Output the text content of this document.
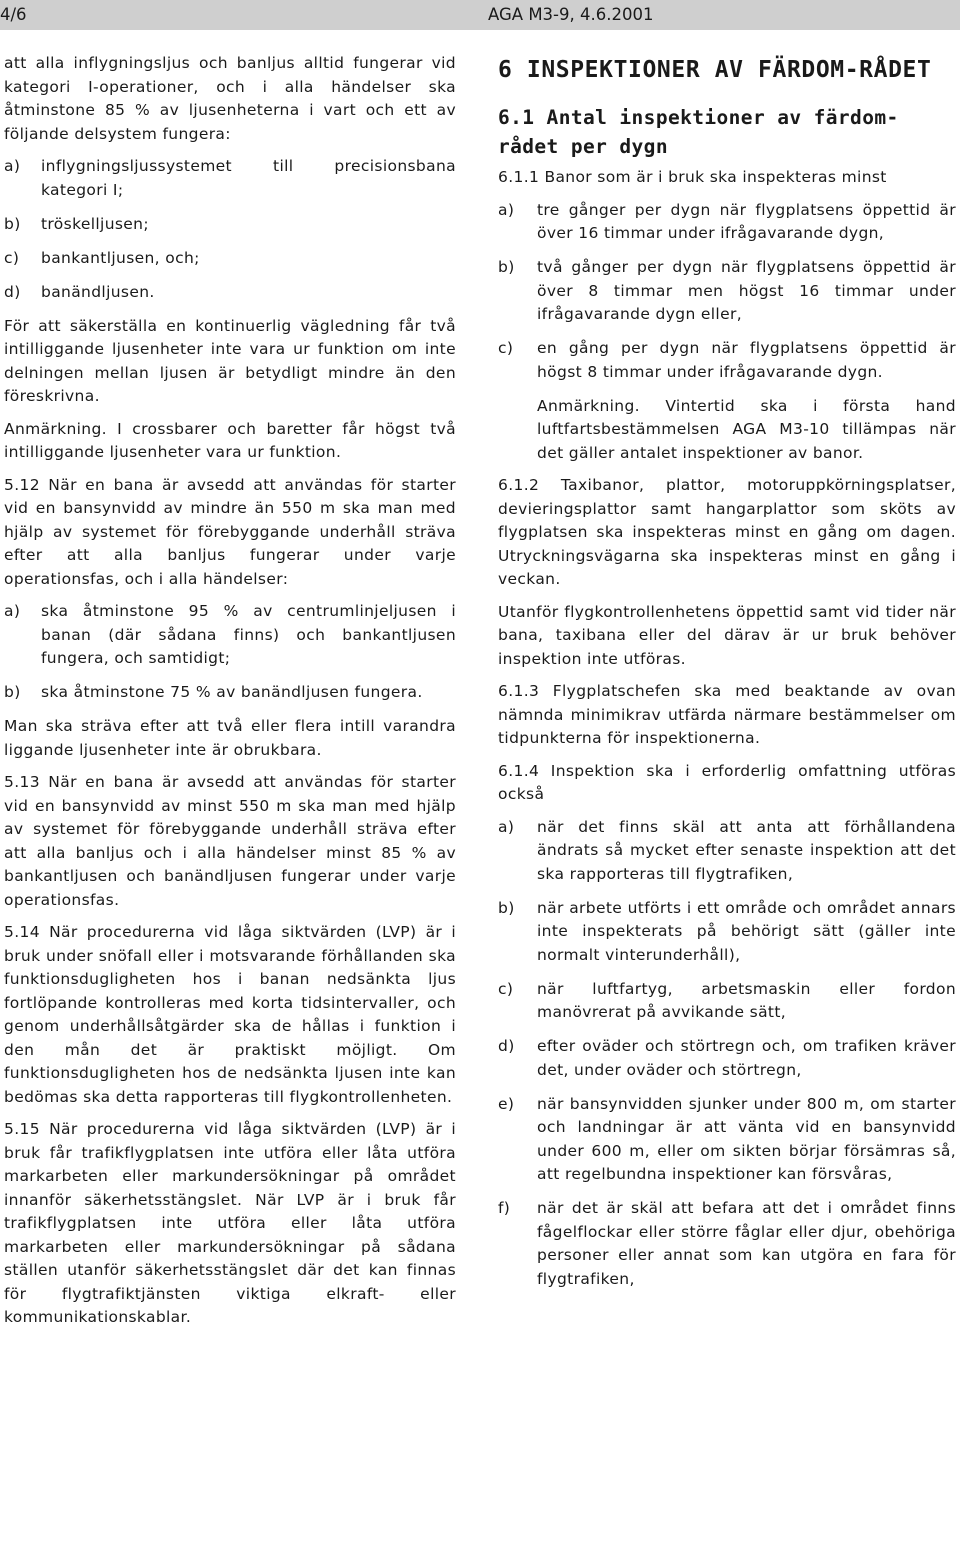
4/6	AGA M3-9, 4.6.2001

att alla inflygningsljus och banljus alltid fungerar vid kategori I-operationer, och i alla händelser ska åtminstone 85 % av ljusenheterna i vart och ett av följande delsystem fungera:

a)	inflygningsljussystemet till precisionsbana kategori I;
b)	tröskelljusen;
c)	bankantljusen, och;
d)	banändljusen.

För att säkerställa en kontinuerlig vägledning får två intilliggande ljusenheter inte vara ur funktion om inte delningen mellan ljusen är betydligt mindre än den föreskrivna.

Anmärkning. I crossbarer och baretter får högst två intilliggande ljusenheter vara ur funktion.

5.12 När en bana är avsedd att användas för starter vid en bansynvidd av mindre än 550 m ska man med hjälp av systemet för förebyggande underhåll sträva efter att alla banljus fungerar under varje operationsfas, och i alla händelser:

a)	ska åtminstone 95 % av centrumlinjeljusen i banan (där sådana finns) och bankantljusen fungera, och samtidigt;
b)	ska åtminstone 75 % av banändljusen fungera.

Man ska sträva efter att två eller flera intill varandra liggande ljusenheter inte är obrukbara.

5.13 När en bana är avsedd att användas för starter vid en bansynvidd av minst 550 m ska man med hjälp av systemet för förebyggande underhåll sträva efter att alla banljus och i alla händelser minst 85 % av bankantljusen och banändljusen fungerar under varje operationsfas.

5.14 När procedurerna vid låga siktvärden (LVP) är i bruk under snöfall eller i motsvarande förhållanden ska funktionsdugligheten hos i banan nedsänkta ljus fortlöpande kontrolleras med korta tidsintervaller, och genom underhållsåtgärder ska de hållas i funktion i den mån det är praktiskt möjligt. Om funktionsdugligheten hos de nedsänkta ljusen inte kan bedömas ska detta rapporteras till flygkontrollenheten.

5.15 När procedurerna vid låga siktvärden (LVP) är i bruk får trafikflygplatsen inte utföra eller låta utföra markarbeten eller markundersökningar på området innanför säkerhetsstängslet. När LVP är i bruk får trafikflygplatsen inte utföra eller låta utföra markarbeten eller markundersökningar på sådana ställen utanför säkerhetsstängslet där det kan finnas för flygtrafiktjänsten viktiga elkraft- eller kommunikationskablar.

6 INSPEKTIONER AV FÄRDOM-RÅDET
6.1 Antal inspektioner av färdom-rådet per dygn

6.1.1 Banor som är i bruk ska inspekteras minst

a)	tre gånger per dygn när flygplatsens öppettid är över 16 timmar under ifrågavarande dygn,
b)	två gånger per dygn när flygplatsens öppettid är över 8 timmar men högst 16 timmar under ifrågavarande dygn eller,
c)	en gång per dygn när flygplatsens öppettid är högst 8 timmar under ifrågavarande dygn.

Anmärkning. Vintertid ska i första hand luftfartsbestämmelsen AGA M3-10 tillämpas när det gäller antalet inspektioner av banor.

6.1.2 Taxibanor, plattor, motoruppkörningsplatser, devieringsplattor samt hangarplattor som sköts av flygplatsen ska inspekteras minst en gång om dagen. Utryckningsvägarna ska inspekteras minst en gång i veckan.

Utanför flygkontrollenhetens öppettid samt vid tider när bana, taxibana eller del därav är ur bruk behöver inspektion inte utföras.

6.1.3 Flygplatschefen ska med beaktande av ovan nämnda minimikrav utfärda närmare bestämmelser om tidpunkterna för inspektionerna.

6.1.4 Inspektion ska i erforderlig omfattning utföras också

a)	när det finns skäl att anta att förhållandena ändrats så mycket efter senaste inspektion att det ska rapporteras till flygtrafiken,
b)	när arbete utförts i ett område och området annars inte inspekterats på behörigt sätt (gäller inte normalt vinterunderhåll),
c)	när luftfartyg, arbetsmaskin eller fordon manövrerat på avvikande sätt,
d)	efter oväder och störtregn och, om trafiken kräver det, under oväder och störtregn,
e)	när bansynvidden sjunker under 800 m, om starter och landningar är att vänta vid en bansynvidd under 600 m, eller om sikten börjar försämras så, att regelbundna inspektioner kan försvåras,
f)	när det är skäl att befara att det i området finns fågelflockar eller större fåglar eller djur, obehöriga personer eller annat som kan utgöra en fara för flygtrafiken,
